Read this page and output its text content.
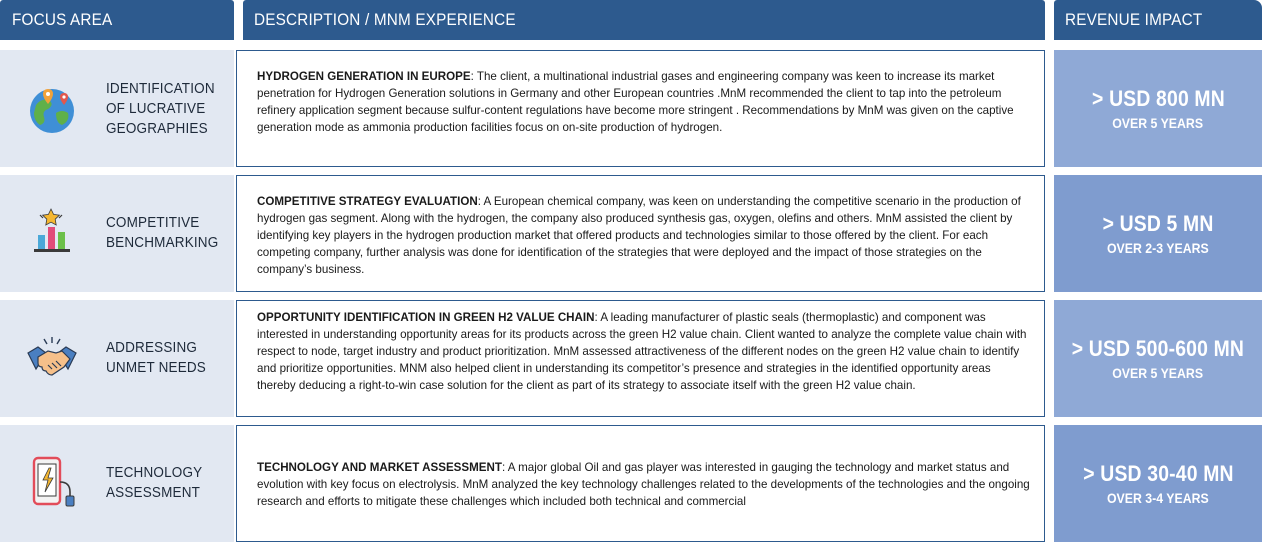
FOCUS AREA	DESCRIPTION / MNM EXPERIENCE	REVENUE IMPACT
IDENTIFICATION
OF LUCRATIVE
GEOGRAPHIES
HYDROGEN GENERATION IN EUROPE: The client, a multinational industrial gases and engineering company was keen to increase its market penetration for Hydrogen Generation solutions in Germany and other European countries .MnM recommended the client to tap into the petroleum refinery application segment because sulfur-content regulations have become more stringent . Recommendations by MnM was given on the captive generation mode as ammonia production facilities focus on on-site production of hydrogen.
> USD 800 MN
OVER 5 YEARS
COMPETITIVE
BENCHMARKING
COMPETITIVE STRATEGY EVALUATION: A European chemical company, was keen on understanding the competitive scenario in the production of hydrogen gas segment. Along with the hydrogen, the company also produced synthesis gas, oxygen, olefins and others. MnM assisted the client by identifying key players in the hydrogen production market that offered products and technologies similar to those offered by the client. For each competing company, further analysis was done for identification of the strategies that were deployed and the impact of those strategies on the company’s business.
> USD 5 MN
OVER 2-3 YEARS
ADDRESSING
UNMET NEEDS
OPPORTUNITY IDENTIFICATION IN GREEN H2 VALUE CHAIN: A leading manufacturer of plastic seals (thermoplastic) and component was interested in understanding opportunity areas for its products across the green H2 value chain. Client wanted to analyze the complete value chain with respect to node, target industry and product prioritization. MnM assessed attractiveness of the different nodes on the green H2 value chain to identify and prioritize opportunities. MNM also helped client in understanding its competitor’s presence and strategies in the identified opportunity areas thereby deducing a right-to-win case solution for the client as part of its strategy to associate itself with the green H2 value chain.
> USD 500-600 MN
OVER 5 YEARS
TECHNOLOGY
ASSESSMENT
TECHNOLOGY AND MARKET ASSESSMENT: A major global Oil and gas player was interested in gauging the technology and market status and evolution with key focus on electrolysis. MnM analyzed the key technology challenges related to the developments of the technologies and the ongoing research and efforts to mitigate these challenges which included both technical and commercial
> USD 30-40 MN
OVER 3-4 YEARS
